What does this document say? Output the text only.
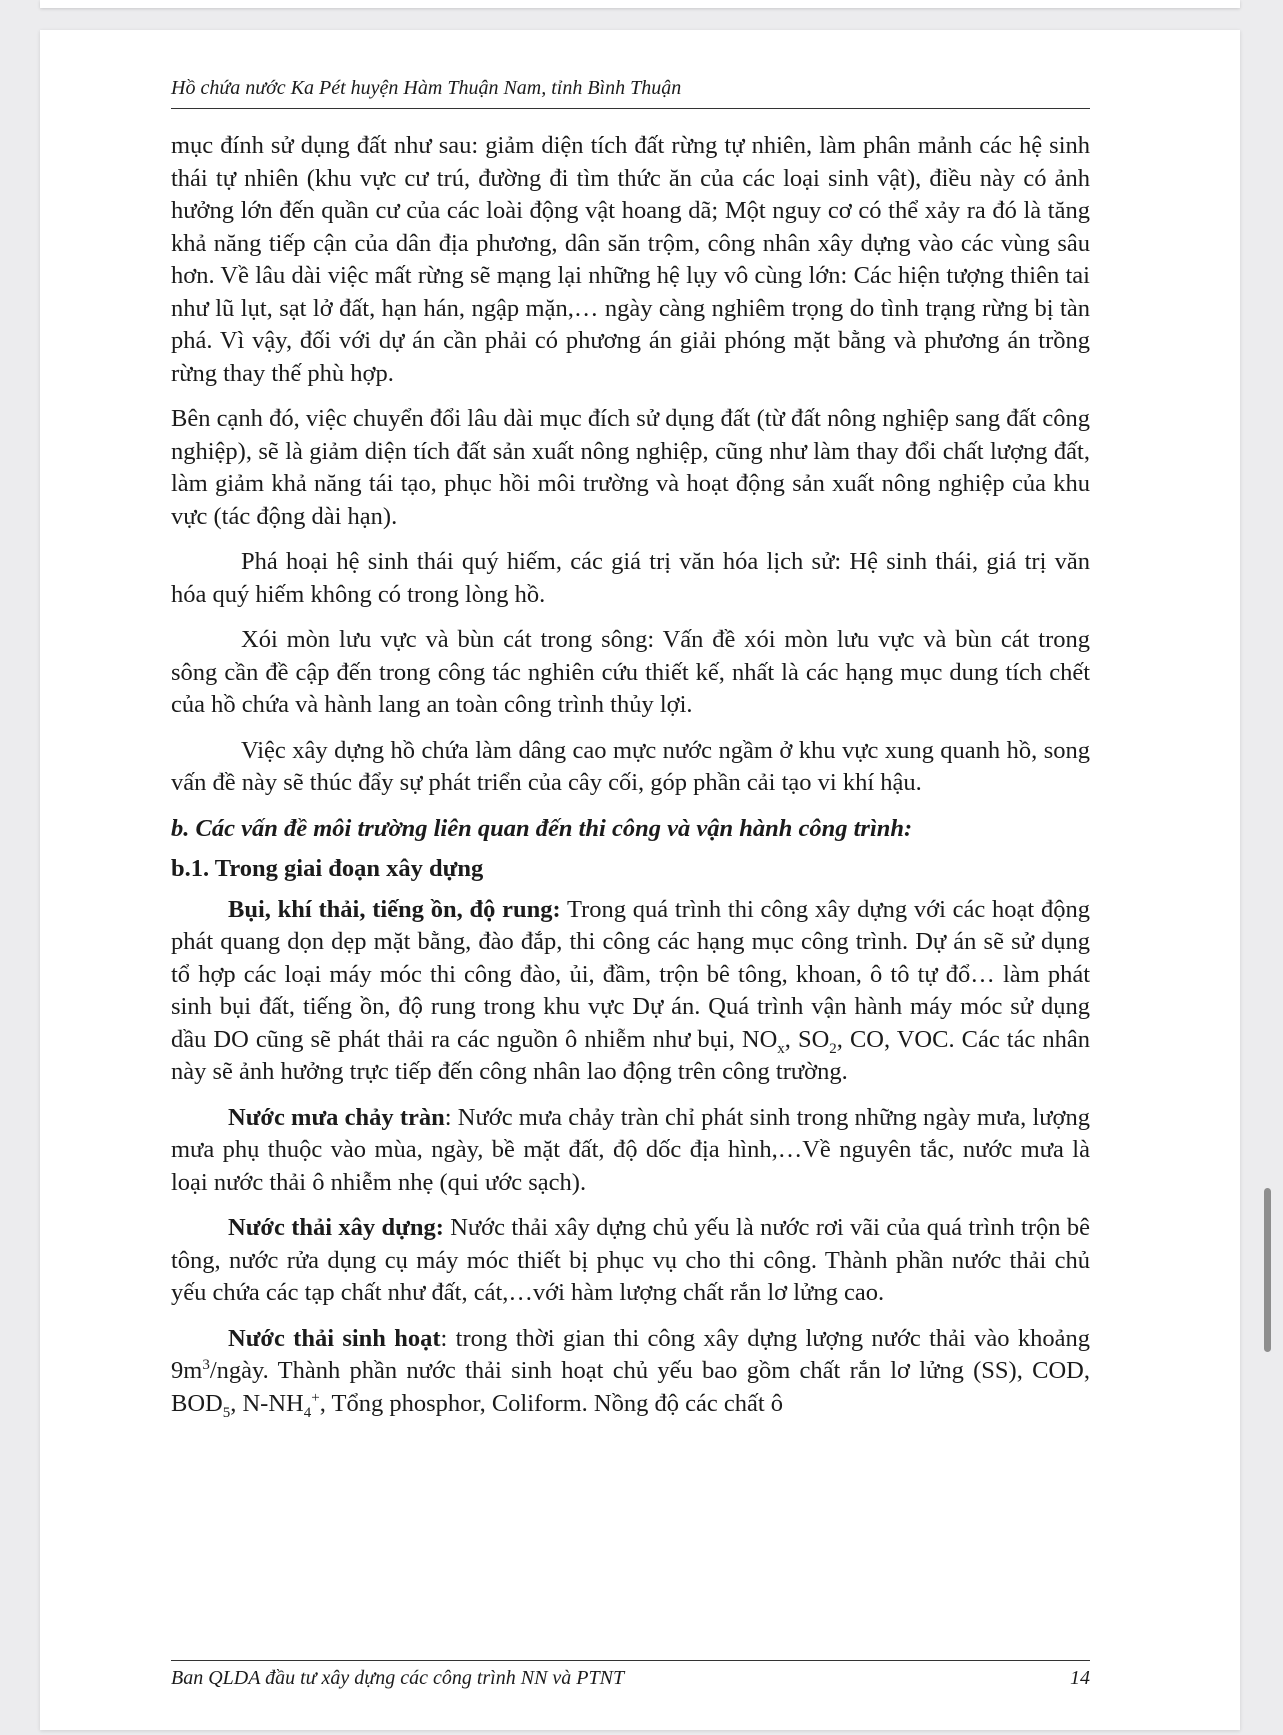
Hồ chứa nước Ka Pét huyện Hàm Thuận Nam, tỉnh Bình Thuận

mục đính sử dụng đất như sau: giảm diện tích đất rừng tự nhiên, làm phân mảnh các hệ sinh thái tự nhiên (khu vực cư trú, đường đi tìm thức ăn của các loại sinh vật), điều này có ảnh hưởng lớn đến quần cư của các loài động vật hoang dã; Một nguy cơ có thể xảy ra đó là tăng khả năng tiếp cận của dân địa phương, dân săn trộm, công nhân xây dựng vào các vùng sâu hơn. Về lâu dài việc mất rừng sẽ mạng lại những hệ lụy vô cùng lớn: Các hiện tượng thiên tai như lũ lụt, sạt lở đất, hạn hán, ngập mặn,… ngày càng nghiêm trọng do tình trạng rừng bị tàn phá. Vì vậy, đối với dự án cần phải có phương án giải phóng mặt bằng và phương án trồng rừng thay thế phù hợp.

Bên cạnh đó, việc chuyển đổi lâu dài mục đích sử dụng đất (từ đất nông nghiệp sang đất công nghiệp), sẽ là giảm diện tích đất sản xuất nông nghiệp, cũng như làm thay đổi chất lượng đất, làm giảm khả năng tái tạo, phục hồi môi trường và hoạt động sản xuất nông nghiệp của khu vực (tác động dài hạn).

Phá hoại hệ sinh thái quý hiếm, các giá trị văn hóa lịch sử: Hệ sinh thái, giá trị văn hóa quý hiếm không có trong lòng hồ.

Xói mòn lưu vực và bùn cát trong sông: Vấn đề xói mòn lưu vực và bùn cát trong sông cần đề cập đến trong công tác nghiên cứu thiết kế, nhất là các hạng mục dung tích chết của hồ chứa và hành lang an toàn công trình thủy lợi.

Việc xây dựng hồ chứa làm dâng cao mực nước ngầm ở khu vực xung quanh hồ, song vấn đề này sẽ thúc đẩy sự phát triển của cây cối, góp phần cải tạo vi khí hậu.

b. Các vấn đề môi trường liên quan đến thi công và vận hành công trình:
b.1. Trong giai đoạn xây dựng

Bụi, khí thải, tiếng ồn, độ rung: Trong quá trình thi công xây dựng với các hoạt động phát quang dọn dẹp mặt bằng, đào đắp, thi công các hạng mục công trình. Dự án sẽ sử dụng tổ hợp các loại máy móc thi công đào, ủi, đầm, trộn bê tông, khoan, ô tô tự đổ… làm phát sinh bụi đất, tiếng ồn, độ rung trong khu vực Dự án. Quá trình vận hành máy móc sử dụng dầu DO cũng sẽ phát thải ra các nguồn ô nhiễm như bụi, $NO_x$, $SO_2$, CO, VOC. Các tác nhân này sẽ ảnh hưởng trực tiếp đến công nhân lao động trên công trường.

Nước mưa chảy tràn: Nước mưa chảy tràn chỉ phát sinh trong những ngày mưa, lượng mưa phụ thuộc vào mùa, ngày, bề mặt đất, độ dốc địa hình,…Về nguyên tắc, nước mưa là loại nước thải ô nhiễm nhẹ (qui ước sạch).

Nước thải xây dựng: Nước thải xây dựng chủ yếu là nước rơi vãi của quá trình trộn bê tông, nước rửa dụng cụ máy móc thiết bị phục vụ cho thi công. Thành phần nước thải chủ yếu chứa các tạp chất như đất, cát,…với hàm lượng chất rắn lơ lửng cao.

Nước thải sinh hoạt: trong thời gian thi công xây dựng lượng nước thải vào khoảng $9m^3$/ngày. Thành phần nước thải sinh hoạt chủ yếu bao gồm chất rắn lơ lửng (SS), COD, $BOD_5$, $N-NH_4^+$, Tổng phosphor, Coliform. Nồng độ các chất ô

Ban QLDA đầu tư xây dựng các công trình NN và PTNT	14
